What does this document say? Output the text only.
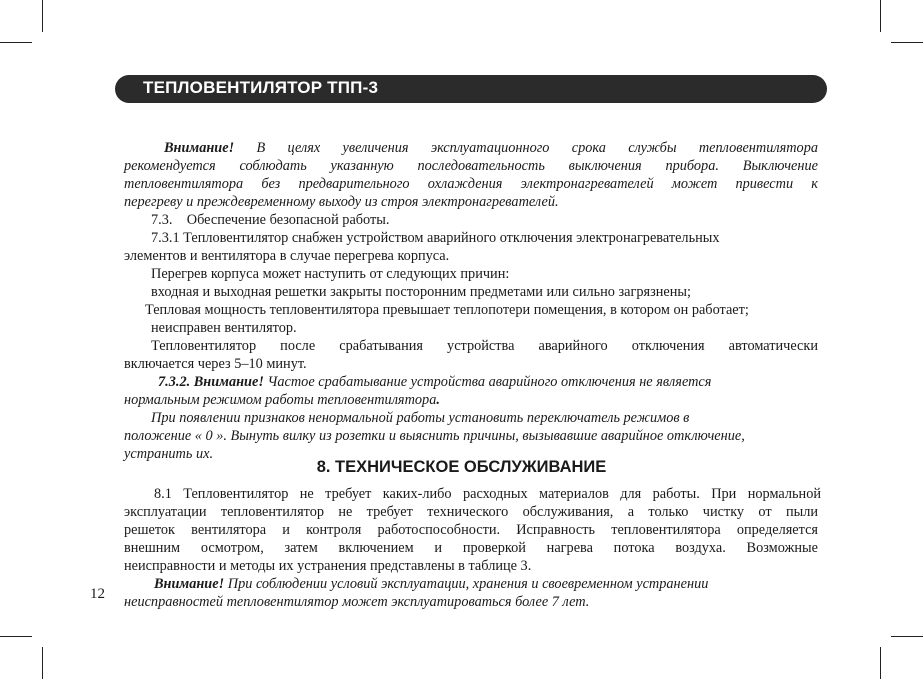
ТЕПЛОВЕНТИЛЯТОР ТПП-3
Внимание! В целях увеличения эксплуатационного срока службы тепловентилятора
рекомендуется соблюдать указанную последовательность выключения прибора. Выключение
тепловентилятора без предварительного охлаждения электронагревателей может привести к
перегреву и преждевременному выходу из строя электронагревателей.
7.3. Обеспечение безопасной работы.
7.3.1 Тепловентилятор снабжен устройством аварийного отключения электронагревательных
элементов и вентилятора в случае перегрева корпуса.
Перегрев корпуса может наступить от следующих причин:
входная и выходная решетки закрыты посторонним предметами или сильно загрязнены;
Тепловая мощность тепловентилятора превышает теплопотери помещения, в котором он работает;
неисправен вентилятор.
Тепловентилятор после срабатывания устройства аварийного отключения автоматически
включается через 5–10 минут.
7.3.2. Внимание! Частое срабатывание устройства аварийного отключения не является
нормальным режимом работы тепловентилятора.
При появлении признаков ненормальной работы установить переключатель режимов в
положение « 0 ». Вынуть вилку из розетки и выяснить причины, вызывавшие аварийное отключение,
устранить их.
8. ТЕХНИЧЕСКОЕ ОБСЛУЖИВАНИЕ
8.1 Тепловентилятор не требует каких-либо расходных материалов для работы. При нормальной
эксплуатации тепловентилятор не требует технического обслуживания, а только чистку от пыли
решеток вентилятора и контроля работоспособности. Исправность тепловентилятора определяется
внешним осмотром, затем включением и проверкой нагрева потока воздуха. Возможные
неисправности и методы их устранения представлены в таблице 3.
Внимание! При соблюдении условий эксплуатации, хранения и своевременном устранении
неисправностей тепловентилятор может эксплуатироваться более 7 лет.
12
